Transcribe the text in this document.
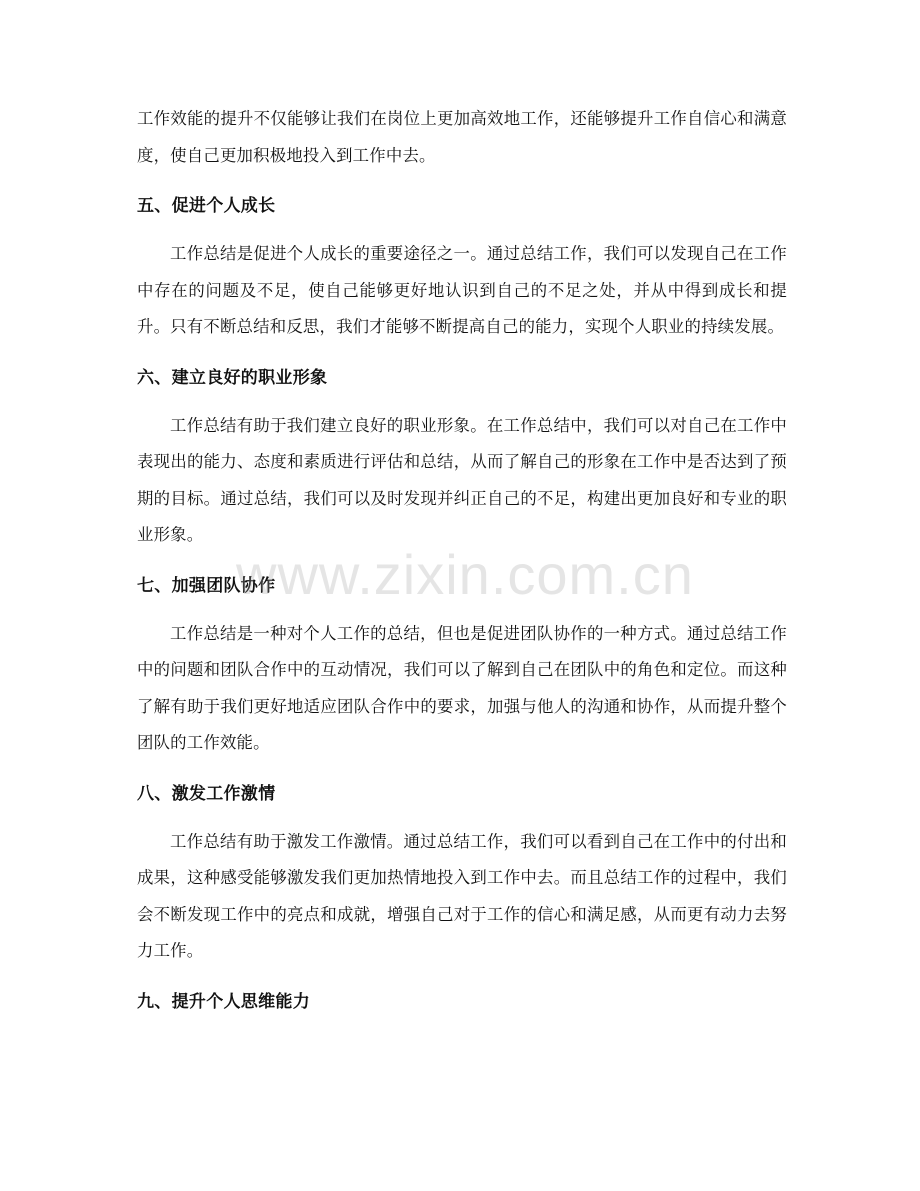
工作效能的提升不仅能够让我们在岗位上更加高效地工作，还能够提升工作自信心和满意度，使自己更加积极地投入到工作中去。

五、促进个人成长

工作总结是促进个人成长的重要途径之一。通过总结工作，我们可以发现自己在工作中存在的问题及不足，使自己能够更好地认识到自己的不足之处，并从中得到成长和提升。只有不断总结和反思，我们才能够不断提高自己的能力，实现个人职业的持续发展。

六、建立良好的职业形象

工作总结有助于我们建立良好的职业形象。在工作总结中，我们可以对自己在工作中表现出的能力、态度和素质进行评估和总结，从而了解自己的形象在工作中是否达到了预期的目标。通过总结，我们可以及时发现并纠正自己的不足，构建出更加良好和专业的职业形象。

七、加强团队协作

工作总结是一种对个人工作的总结，但也是促进团队协作的一种方式。通过总结工作中的问题和团队合作中的互动情况，我们可以了解到自己在团队中的角色和定位。而这种了解有助于我们更好地适应团队合作中的要求，加强与他人的沟通和协作，从而提升整个团队的工作效能。

八、激发工作激情

工作总结有助于激发工作激情。通过总结工作，我们可以看到自己在工作中的付出和成果，这种感受能够激发我们更加热情地投入到工作中去。而且总结工作的过程中，我们会不断发现工作中的亮点和成就，增强自己对于工作的信心和满足感，从而更有动力去努力工作。

九、提升个人思维能力
www.zixin.com.cn
